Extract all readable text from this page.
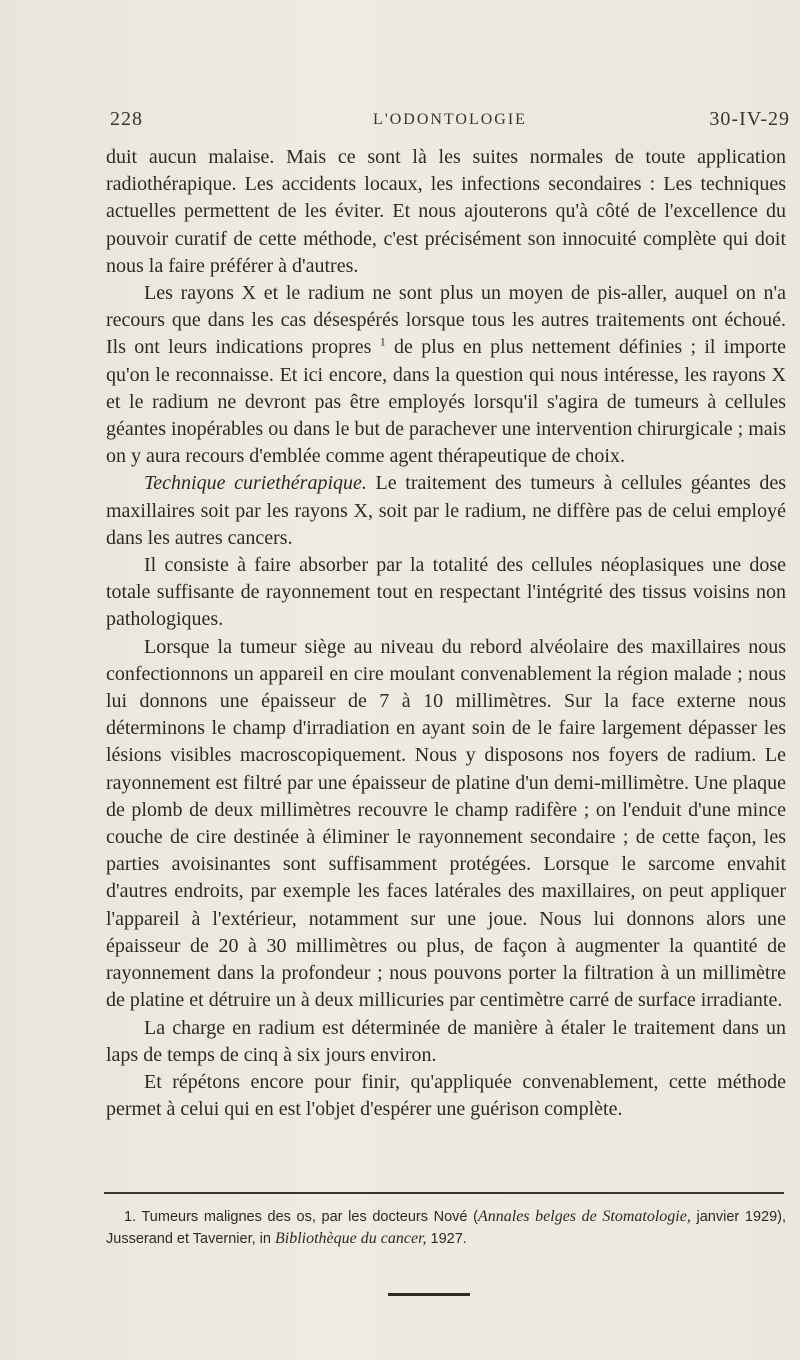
228	L'ODONTOLOGIE	30-IV-29

duit aucun malaise. Mais ce sont là les suites normales de toute application radiothérapique. Les accidents locaux, les infections secondaires : Les techniques actuelles permettent de les éviter. Et nous ajouterons qu'à côté de l'excellence du pouvoir curatif de cette méthode, c'est précisément son innocuité complète qui doit nous la faire préférer à d'autres.

Les rayons X et le radium ne sont plus un moyen de pis-aller, auquel on n'a recours que dans les cas désespérés lorsque tous les autres traitements ont échoué. Ils ont leurs indications propres $^1$ de plus en plus nettement définies ; il importe qu'on le reconnaisse. Et ici encore, dans la question qui nous intéresse, les rayons X et le radium ne devront pas être employés lorsqu'il s'agira de tumeurs à cellules géantes inopérables ou dans le but de parachever une intervention chirurgicale ; mais on y aura recours d'emblée comme agent thérapeutique de choix.

Technique curiethérapique. Le traitement des tumeurs à cellules géantes des maxillaires soit par les rayons X, soit par le radium, ne diffère pas de celui employé dans les autres cancers.

Il consiste à faire absorber par la totalité des cellules néoplasiques une dose totale suffisante de rayonnement tout en respectant l'intégrité des tissus voisins non pathologiques.

Lorsque la tumeur siège au niveau du rebord alvéolaire des maxillaires nous confectionnons un appareil en cire moulant convenablement la région malade ; nous lui donnons une épaisseur de 7 à 10 millimètres. Sur la face externe nous déterminons le champ d'irradiation en ayant soin de le faire largement dépasser les lésions visibles macroscopiquement. Nous y disposons nos foyers de radium. Le rayonnement est filtré par une épaisseur de platine d'un demi-millimètre. Une plaque de plomb de deux millimètres recouvre le champ radifère ; on l'enduit d'une mince couche de cire destinée à éliminer le rayonnement secondaire ; de cette façon, les parties avoisinantes sont suffisamment protégées. Lorsque le sarcome envahit d'autres endroits, par exemple les faces latérales des maxillaires, on peut appliquer l'appareil à l'extérieur, notamment sur une joue. Nous lui donnons alors une épaisseur de 20 à 30 millimètres ou plus, de façon à augmenter la quantité de rayonnement dans la profondeur ; nous pouvons porter la filtration à un millimètre de platine et détruire un à deux millicuries par centimètre carré de surface irradiante.

La charge en radium est déterminée de manière à étaler le traitement dans un laps de temps de cinq à six jours environ.

Et répétons encore pour finir, qu'appliquée convenablement, cette méthode permet à celui qui en est l'objet d'espérer une guérison complète.

1. Tumeurs malignes des os, par les docteurs Nové (Annales belges de Stomatologie, janvier 1929), Jusserand et Tavernier, in Bibliothèque du cancer, 1927.
